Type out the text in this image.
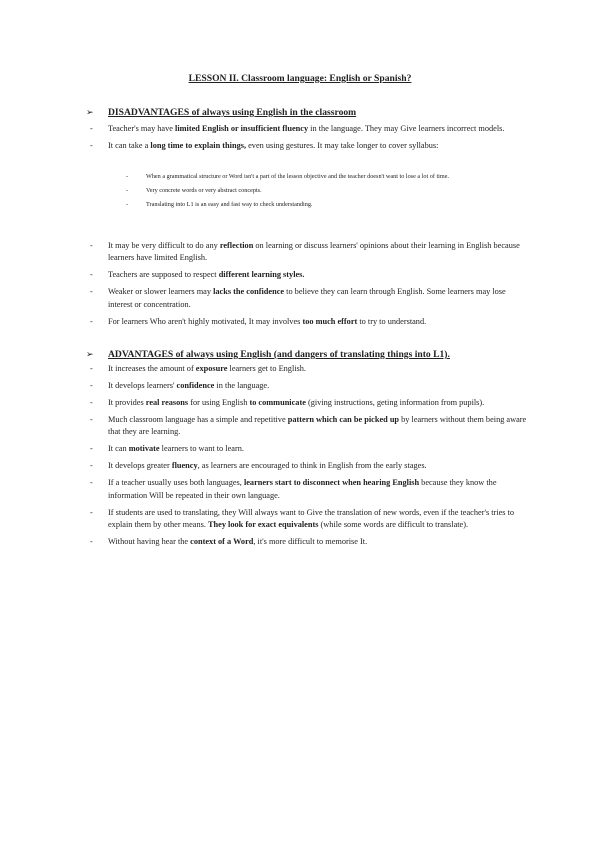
LESSON II. Classroom language: English or Spanish?
➢ DISADVANTAGES of always using English in the classroom
- Teacher's may have limited English or insufficient fluency in the language. They may Give learners incorrect models.
- It can take a long time to explain things, even using gestures. It may take longer to cover syllabus:
-	When a grammatical structure or Word isn't a part of the lesson objective and the teacher doesn't want to lose a lot of time.
-	Very concrete words or very abstract concepts.
-	Translating into L1 is an easy and fast way to check understanding.
- It may be very difficult to do any reflection on learning or discuss learners' opinions about their learning in English because learners have limited English.
- Teachers are supposed to respect different learning styles.
- Weaker or slower learners may lacks the confidence to believe they can learn through English. Some learners may lose interest or concentration.
- For learners Who aren't highly motivated, It may involves too much effort to try to understand.
➢ ADVANTAGES of always using English (and dangers of translating things into L1).
- It increases the amount of exposure learners get to English.
- It develops learners' confidence in the language.
- It provides real reasons for using English to communicate (giving instructions, geting information from pupils).
- Much classroom language has a simple and repetitive pattern which can be picked up by learners without them being aware that they are learning.
- It can motivate learners to want to learn.
- It develops greater fluency, as learners are encouraged to think in English from the early stages.
- If a teacher usually uses both languages, learners start to disconnect when hearing English because they know the information Will be repeated in their own language.
- If students are used to translating, they Will always want to Give the translation of new words, even if the teacher's tries to explain them by other means. They look for exact equivalents (while some words are difficult to translate).
- Without having hear the context of a Word, it's more difficult to memorise It.
